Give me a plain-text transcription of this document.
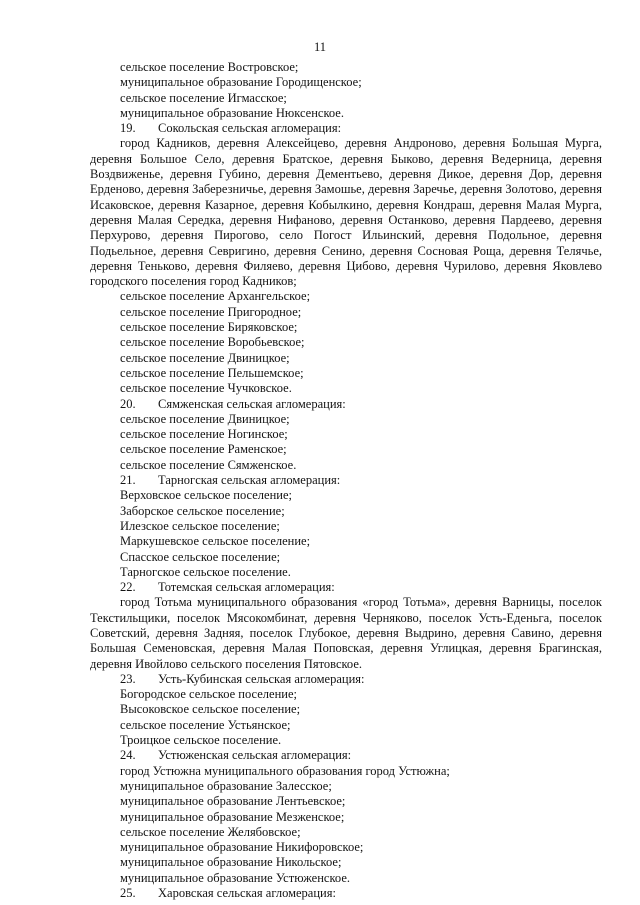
11

сельское поселение Востровское;

муниципальное образование Городищенское;

сельское поселение Игмасское;

муниципальное образование Нюксенское.

19. Сокольская сельская агломерация:

город Кадников, деревня Алексейцево, деревня Андроново, деревня Большая Мурга, деревня Большое Село, деревня Братское, деревня Быково, деревня Ведерница, деревня Воздвиженье, деревня Губино, деревня Дементьево, деревня Дикое, деревня Дор, деревня Ерденово, деревня Заберезничье, деревня Замошье, деревня Заречье, деревня Золотово, деревня Исаковское, деревня Казарное, деревня Кобылкино, деревня Кондраш, деревня Малая Мурга, деревня Малая Середка, деревня Нифаново, деревня Останково, деревня Пардеево, деревня Перхурово, деревня Пирогово, село Погост Ильинский, деревня Подольное, деревня Подьельное, деревня Севригино, деревня Сенино, деревня Сосновая Роща, деревня Телячье, деревня Теньково, деревня Филяево, деревня Цибово, деревня Чурилово, деревня Яковлево городского поселения город Кадников;

сельское поселение Архангельское;

сельское поселение Пригородное;

сельское поселение Биряковское;

сельское поселение Воробьевское;

сельское поселение Двиницкое;

сельское поселение Пельшемское;

сельское поселение Чучковское.

20. Сямженская сельская агломерация:

сельское поселение Двиницкое;

сельское поселение Ногинское;

сельское поселение Раменское;

сельское поселение Сямженское.

21. Тарногская сельская агломерация:

Верховское сельское поселение;

Заборское сельское поселение;

Илезское сельское поселение;

Маркушевское сельское поселение;

Спасское сельское поселение;

Тарногское сельское поселение.

22. Тотемская сельская агломерация:

город Тотьма муниципального образования «город Тотьма», деревня Варницы, поселок Текстильщики, поселок Мясокомбинат, деревня Черняково, поселок Усть-Еденьга, поселок Советский, деревня Задняя, поселок Глубокое, деревня Выдрино, деревня Савино, деревня Большая Семеновская, деревня Малая Поповская, деревня Углицкая, деревня Брагинская, деревня Ивойлово сельского поселения Пятовское.

23. Усть-Кубинская сельская агломерация:

Богородское сельское поселение;

Высоковское сельское поселение;

сельское поселение Устьянское;

Троицкое сельское поселение.

24. Устюженская сельская агломерация:

город Устюжна муниципального образования город Устюжна;

муниципальное образование Залесское;

муниципальное образование Лентьевское;

муниципальное образование Мезженское;

сельское поселение Желябовское;

муниципальное образование Никифоровское;

муниципальное образование Никольское;

муниципальное образование Устюженское.

25. Харовская сельская агломерация:
